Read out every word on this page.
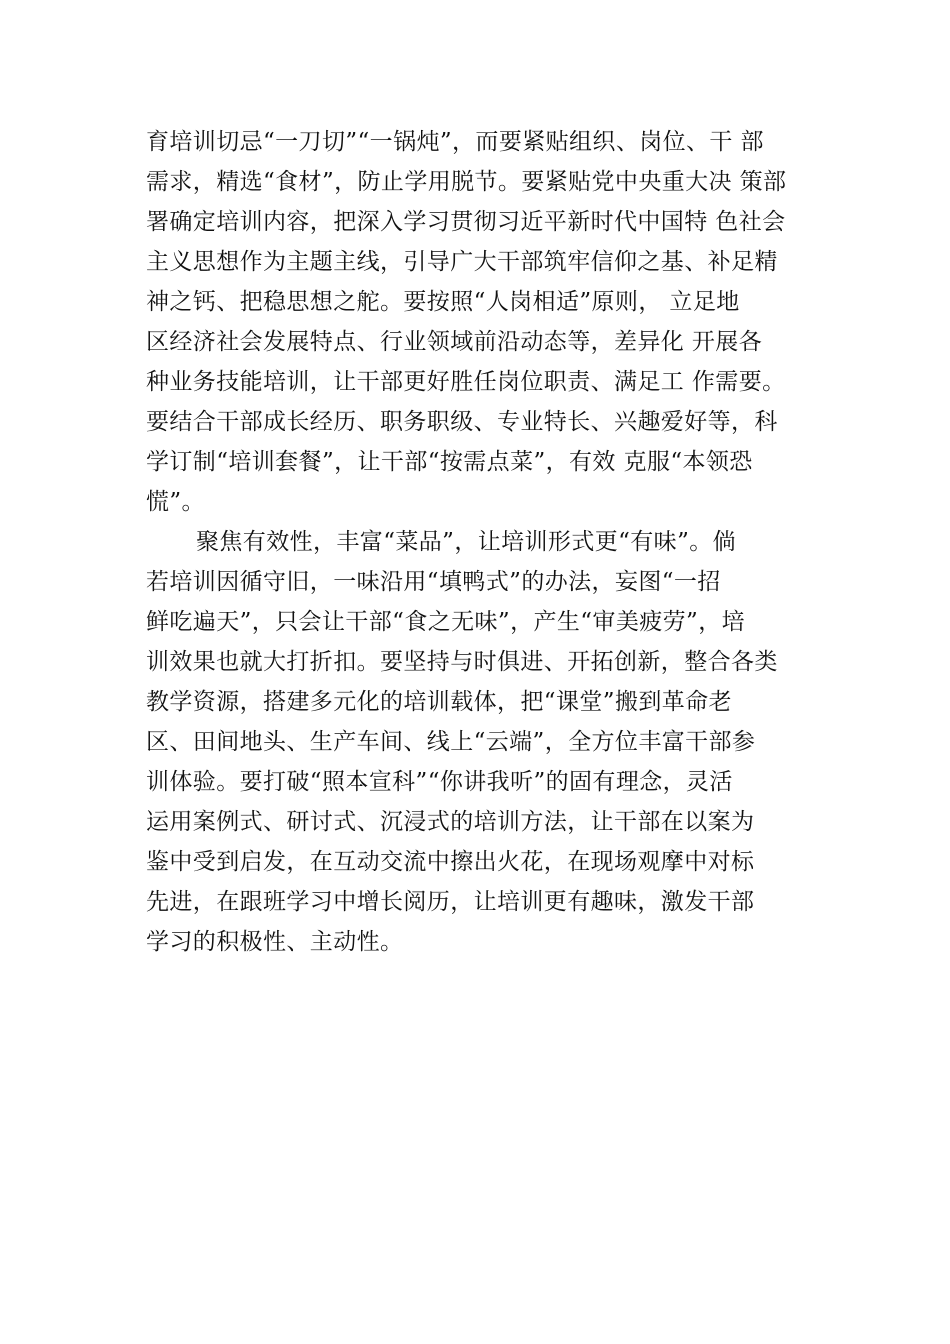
育培训切忌“一刀切”“一锅炖”，而要紧贴组织、岗位、干 部
需求，精选“食材”，防止学用脱节。要紧贴党中央重大决 策部
署确定培训内容，把深入学习贯彻习近平新时代中国特 色社会
主义思想作为主题主线，引导广大干部筑牢信仰之基、补足精
神之钙、把稳思想之舵。要按照“人岗相适”原则， 立足地
区经济社会发展特点、行业领域前沿动态等，差异化 开展各
种业务技能培训，让干部更好胜任岗位职责、满足工 作需要。
要结合干部成长经历、职务职级、专业特长、兴趣爱好等，科
学订制“培训套餐”，让干部“按需点菜”，有效 克服“本领恐
慌”。
聚焦有效性，丰富“菜品”，让培训形式更“有味”。倘
若培训因循守旧，一味沿用“填鸭式”的办法，妄图“一招
鲜吃遍天”，只会让干部“食之无味”，产生“审美疲劳”，培
训效果也就大打折扣。要坚持与时俱进、开拓创新，整合各类
教学资源，搭建多元化的培训载体，把“课堂”搬到革命老
区、田间地头、生产车间、线上“云端”，全方位丰富干部参
训体验。要打破“照本宣科”“你讲我听”的固有理念，灵活
运用案例式、研讨式、沉浸式的培训方法，让干部在以案为
鉴中受到启发，在互动交流中擦出火花，在现场观摩中对标
先进，在跟班学习中增长阅历，让培训更有趣味，激发干部
学习的积极性、主动性。
